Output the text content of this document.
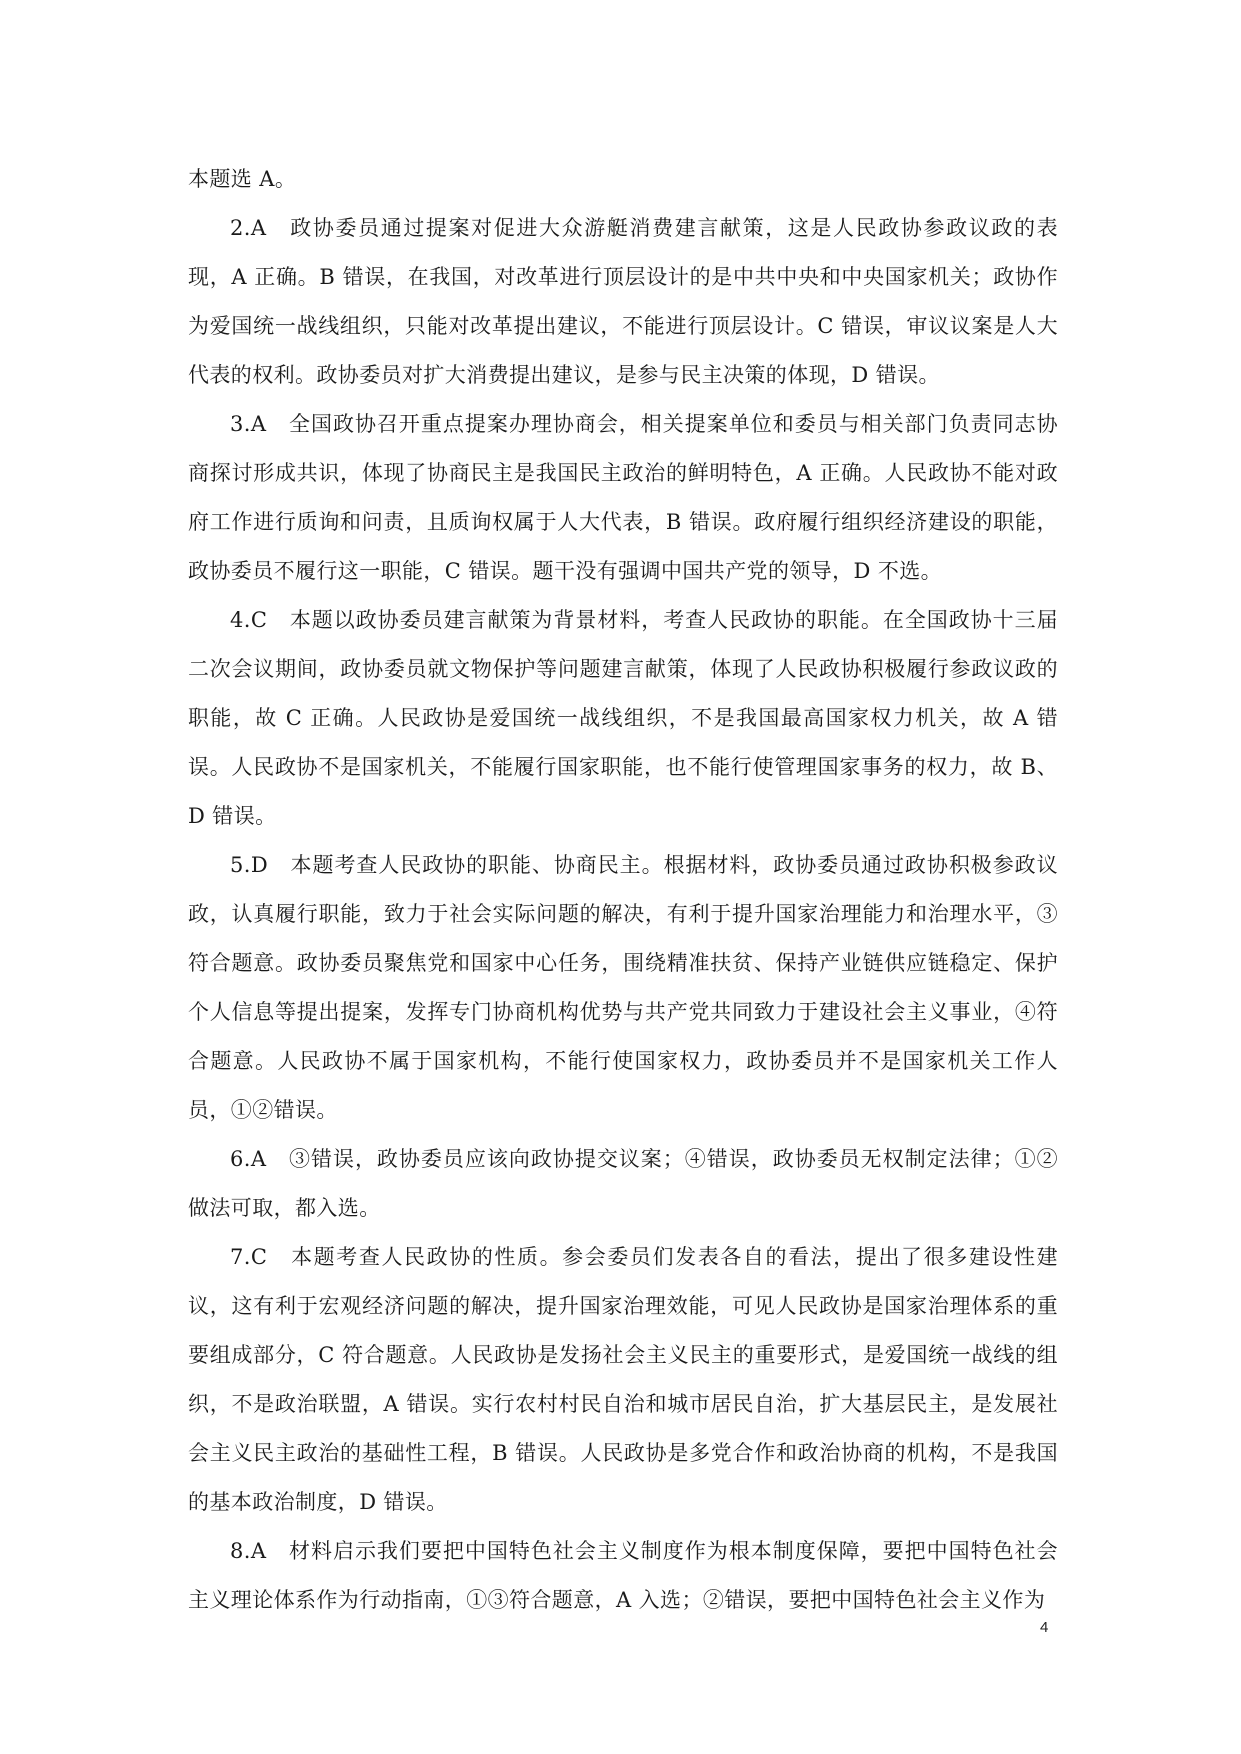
本题选 A。

2.A　政协委员通过提案对促进大众游艇消费建言献策，这是人民政协参政议政的表现，A 正确。B 错误，在我国，对改革进行顶层设计的是中共中央和中央国家机关；政协作为爱国统一战线组织，只能对改革提出建议，不能进行顶层设计。C 错误，审议议案是人大代表的权利。政协委员对扩大消费提出建议，是参与民主决策的体现，D 错误。

3.A　全国政协召开重点提案办理协商会，相关提案单位和委员与相关部门负责同志协商探讨形成共识，体现了协商民主是我国民主政治的鲜明特色，A 正确。人民政协不能对政府工作进行质询和问责，且质询权属于人大代表，B 错误。政府履行组织经济建设的职能，政协委员不履行这一职能，C 错误。题干没有强调中国共产党的领导，D 不选。

4.C　本题以政协委员建言献策为背景材料，考查人民政协的职能。在全国政协十三届二次会议期间，政协委员就文物保护等问题建言献策，体现了人民政协积极履行参政议政的职能，故 C 正确。人民政协是爱国统一战线组织，不是我国最高国家权力机关，故 A 错误。人民政协不是国家机关，不能履行国家职能，也不能行使管理国家事务的权力，故 B、D 错误。

5.D　本题考查人民政协的职能、协商民主。根据材料，政协委员通过政协积极参政议政，认真履行职能，致力于社会实际问题的解决，有利于提升国家治理能力和治理水平，③符合题意。政协委员聚焦党和国家中心任务，围绕精准扶贫、保持产业链供应链稳定、保护个人信息等提出提案，发挥专门协商机构优势与共产党共同致力于建设社会主义事业，④符合题意。人民政协不属于国家机构，不能行使国家权力，政协委员并不是国家机关工作人员，①②错误。

6.A　③错误，政协委员应该向政协提交议案；④错误，政协委员无权制定法律；①②做法可取，都入选。

7.C　本题考查人民政协的性质。参会委员们发表各自的看法，提出了很多建设性建议，这有利于宏观经济问题的解决，提升国家治理效能，可见人民政协是国家治理体系的重要组成部分，C 符合题意。人民政协是发扬社会主义民主的重要形式，是爱国统一战线的组织，不是政治联盟，A 错误。实行农村村民自治和城市居民自治，扩大基层民主，是发展社会主义民主政治的基础性工程，B 错误。人民政协是多党合作和政治协商的机构，不是我国的基本政治制度，D 错误。

8.A　材料启示我们要把中国特色社会主义制度作为根本制度保障，要把中国特色社会主义理论体系作为行动指南，①③符合题意，A 入选；②错误，要把中国特色社会主义作为

4
